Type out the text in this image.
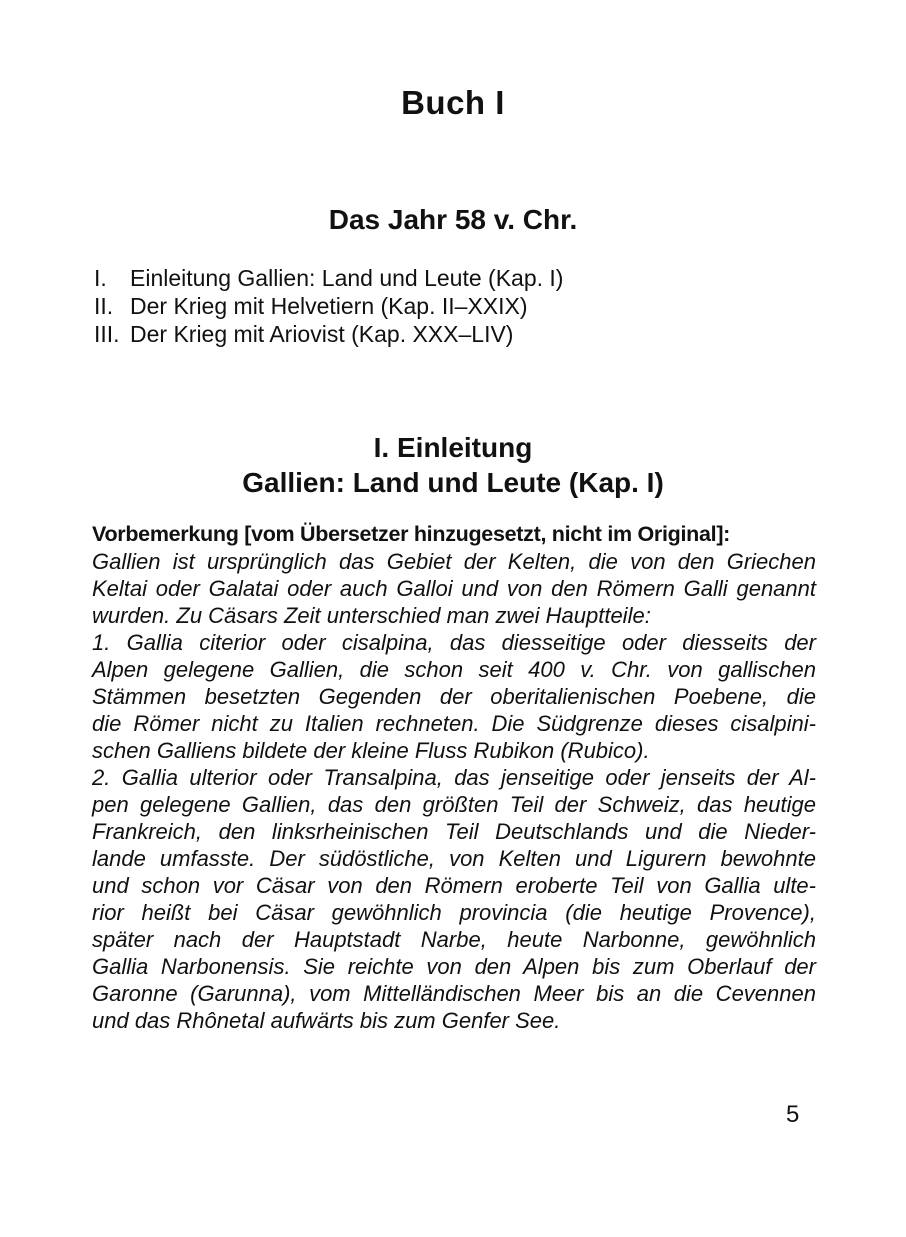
Buch I
Das Jahr 58 v. Chr.
I.	Einleitung Gallien: Land und Leute (Kap. I)
II. Der Krieg mit Helvetiern (Kap. II–XXIX)
III. Der Krieg mit Ariovist (Kap. XXX–LIV)
I. Einleitung
Gallien: Land und Leute (Kap. I)
Vorbemerkung [vom Übersetzer hinzugesetzt, nicht im Original]:
Gallien ist ursprünglich das Gebiet der Kelten, die von den Griechen
Keltai oder Galatai oder auch Galloi und von den Römern Galli genannt
wurden. Zu Cäsars Zeit unterschied man zwei Hauptteile:
1. Gallia citerior oder cisalpina, das diesseitige oder diesseits der
Alpen gelegene Gallien, die schon seit 400 v. Chr. von gallischen
Stämmen besetzten Gegenden der oberitalienischen Poebene, die
die Römer nicht zu Italien rechneten. Die Südgrenze dieses cisalpini-
schen Galliens bildete der kleine Fluss Rubikon (Rubico).
2. Gallia ulterior oder Transalpina, das jenseitige oder jenseits der Al-
pen gelegene Gallien, das den größten Teil der Schweiz, das heutige
Frankreich, den linksrheinischen Teil Deutschlands und die Nieder-
lande umfasste. Der südöstliche, von Kelten und Ligurern bewohnte
und schon vor Cäsar von den Römern eroberte Teil von Gallia ulte-
rior heißt bei Cäsar gewöhnlich provincia (die heutige Provence),
später nach der Hauptstadt Narbe, heute Narbonne, gewöhnlich
Gallia Narbonensis. Sie reichte von den Alpen bis zum Oberlauf der
Garonne (Garunna), vom Mittelländischen Meer bis an die Cevennen
und das Rhônetal aufwärts bis zum Genfer See.
5
